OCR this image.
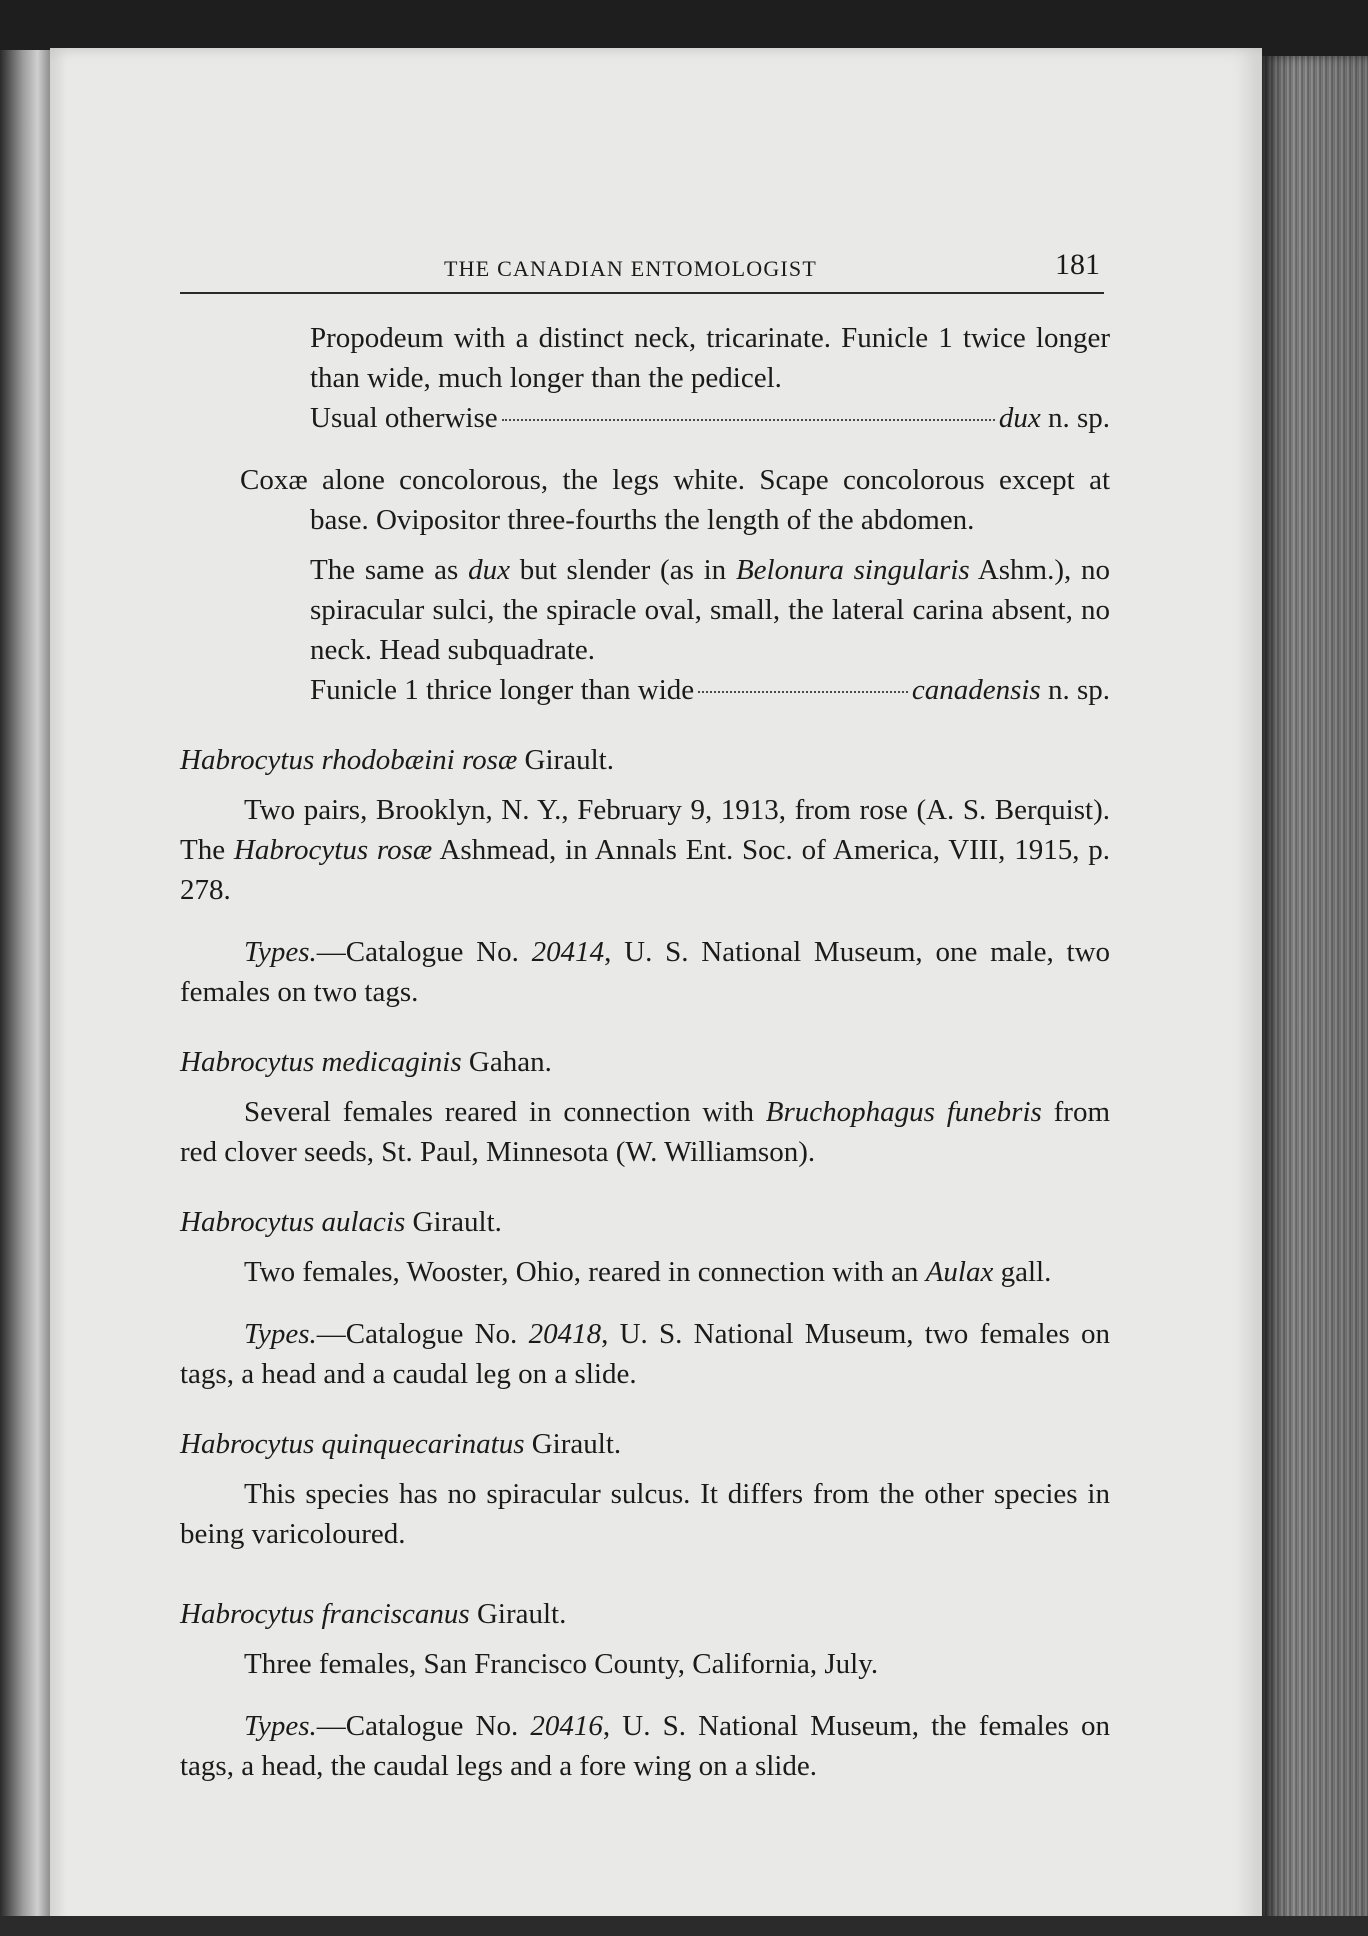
THE CANADIAN ENTOMOLOGIST	181

Propodeum with a distinct neck, tricarinate. Funicle 1 twice longer than wide, much longer than the pedicel.

Usual otherwise	dux n. sp.

Coxæ alone concolorous, the legs white. Scape concolorous except at base. Ovipositor three-fourths the length of the abdomen.

The same as dux but slender (as in Belonura singularis Ashm.), no spiracular sulci, the spiracle oval, small, the lateral carina absent, no neck. Head subquadrate.

Funicle 1 thrice longer than wide	canadensis n. sp.

Habrocytus rhodobæini rosæ Girault.

Two pairs, Brooklyn, N. Y., February 9, 1913, from rose (A. S. Berquist). The Habrocytus rosæ Ashmead, in Annals Ent. Soc. of America, VIII, 1915, p. 278.

Types.—Catalogue No. 20414, U. S. National Museum, one male, two females on two tags.

Habrocytus medicaginis Gahan.

Several females reared in connection with Bruchophagus funebris from red clover seeds, St. Paul, Minnesota (W. Williamson).

Habrocytus aulacis Girault.

Two females, Wooster, Ohio, reared in connection with an Aulax gall.

Types.—Catalogue No. 20418, U. S. National Museum, two females on tags, a head and a caudal leg on a slide.

Habrocytus quinquecarinatus Girault.

This species has no spiracular sulcus. It differs from the other species in being varicoloured.

Habrocytus franciscanus Girault.

Three females, San Francisco County, California, July.

Types.—Catalogue No. 20416, U. S. National Museum, the females on tags, a head, the caudal legs and a fore wing on a slide.
